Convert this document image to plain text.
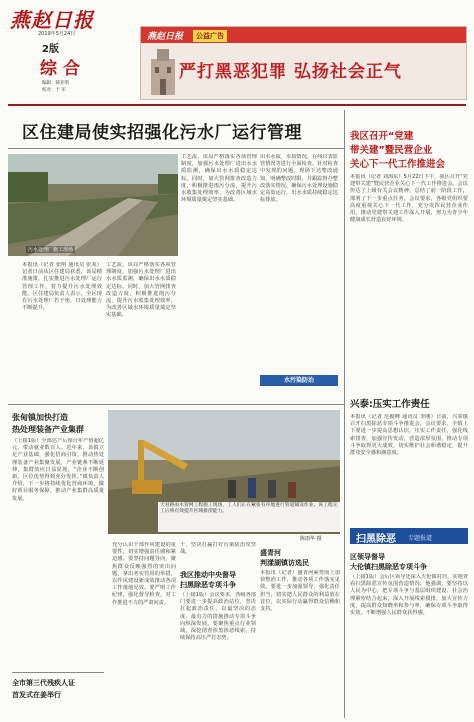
燕赵日报
2019年5月24日
2版
综合
编辑：韩亚明
校对：于 军
燕赵日报	公益广告
严打黑恶犯罪 弘扬社会正气
区住建局使实招强化污水厂运行管理
污水处理厂施工现场
本报讯（记者 张明 通讯员 张某）记者日前从区住建局获悉，该局精准施策，扎实推进污水处理厂运行管理工作，着力提升污水处理效能。区住建局负责人表示，全区现有污水处理厂若干座，日处理能力不断提升。
工艺流，该局严格落实各项管理制度，加强污水处理厂进出水水质监测，确保出水水质稳定达标。同时，加大管网排查改造力度，积极推进雨污分流，提升污水收集处理效率，为改善区域水环境质量奠定坚实基础。
工艺流，该局严格落实各项管理制度，加强污水处理厂进出水水质监测，确保出水水质稳定达标。同时，加大管网排查改造力度，积极推进雨污分流，提升污水收集处理效率，为改善区域水环境质量奠定坚实基础。
出水水质，水质情况。在线仪表监管情况等进行全面检查。针对检查中发现的问题，现场下达整改通知，明确整改时限，并跟踪督办整改落实情况，确保污水处理设施稳定高效运行，出水水质持续稳定达标排放。
水污染防治
我区召开“党建
带关建”暨民营企业
关心下一代工作推进会
本报讯（记者 刘海东）5月22日下午，我区召开“党建带关建”暨民营企业关心下一代工作推进会。会议传达了上级有关会议精神，总结了前一阶段工作，部署了下一步重点任务。会议要求，各级党组织要高度重视关心下一代工作，充分发挥民营企业作用，推动党建带关建工作深入开展，努力为青少年健康成长营造良好环境。
张甸镇加快打造
热处理装备产业集群
（上接1版）全部达产后预计年产值超亿元，带动就业数百人。近年来，该镇立足产业基础，强化招商引资，推动热处理装备产业集聚发展，产业链条不断延伸，集群效应日益显现。“企业不断创新，区位优势得到充分发挥。”镇负责人介绍，下一步将持续优化营商环境，做好项目服务保障，推动产业集群高质量发展。
天君路雨水管网工程施工现场，工人们正在紧张有序地进行管道铺设作业。该工程完工后将有效提升区域排涝能力。
陈雨华 摄
兴泰:压实工作责任
本报讯（记者 范俊峰 通讯员 李刚）日前，兴泰镇召开扫黑除恶专项斗争推进会。会议要求，全镇上下要进一步提高思想认识，压实工作责任，强化线索排查，加强宣传发动，营造浓厚氛围，推动专项斗争取得更大成效，切实维护社会和谐稳定，提升群众安全感和满意度。
扫黑除恶 专题报道
区领导督导
大伦镇扫黑除恶专项斗争
（上接1版）会后区领导还深入大伦镇村居，实地查看扫黑除恶宣传氛围营造情况。他强调，要坚持以人民为中心，把专项斗争与基层组织建设、社会治理紧密结合起来，深入开展线索摸排，加大宣传力度，提高群众知晓率和参与率，确保专项斗争取得实效，不断增强人民群众获得感。
充分认识干部作风建设的重要性，切实增强责任感和紧迫感。要坚持问题导向，聚焦群众反映强烈的突出问题，拿出务实管用的举措，以作风建设新成效推动各项工作落地见效。要严明工作纪律，强化督导检查，对工作推进不力的严肃问责。
干，坚决打赢打好污染防治攻坚战。
我区推动中央督导
扫黑除恶专项斗争
（上接1版）会议要求，各级各部门要进一步提高政治站位，坚决扛起政治责任，以最坚决的态度、最有力的措施推动专项斗争向纵深发展。要聚焦重点行业领域，深挖彻查涉黑涉恶线索，持续保持高压严打态势。
盛青河
判漾湖镇访选民
本报讯（记者）盛青河乘势而上加快整治工作，推动各项工作落实见效。要进一步加强领导，强化责任担当，切实把人民群众的利益放在首位，以实际行动赢得群众信赖和支持。
全市第三代残疾人证
首发式在姜举行
